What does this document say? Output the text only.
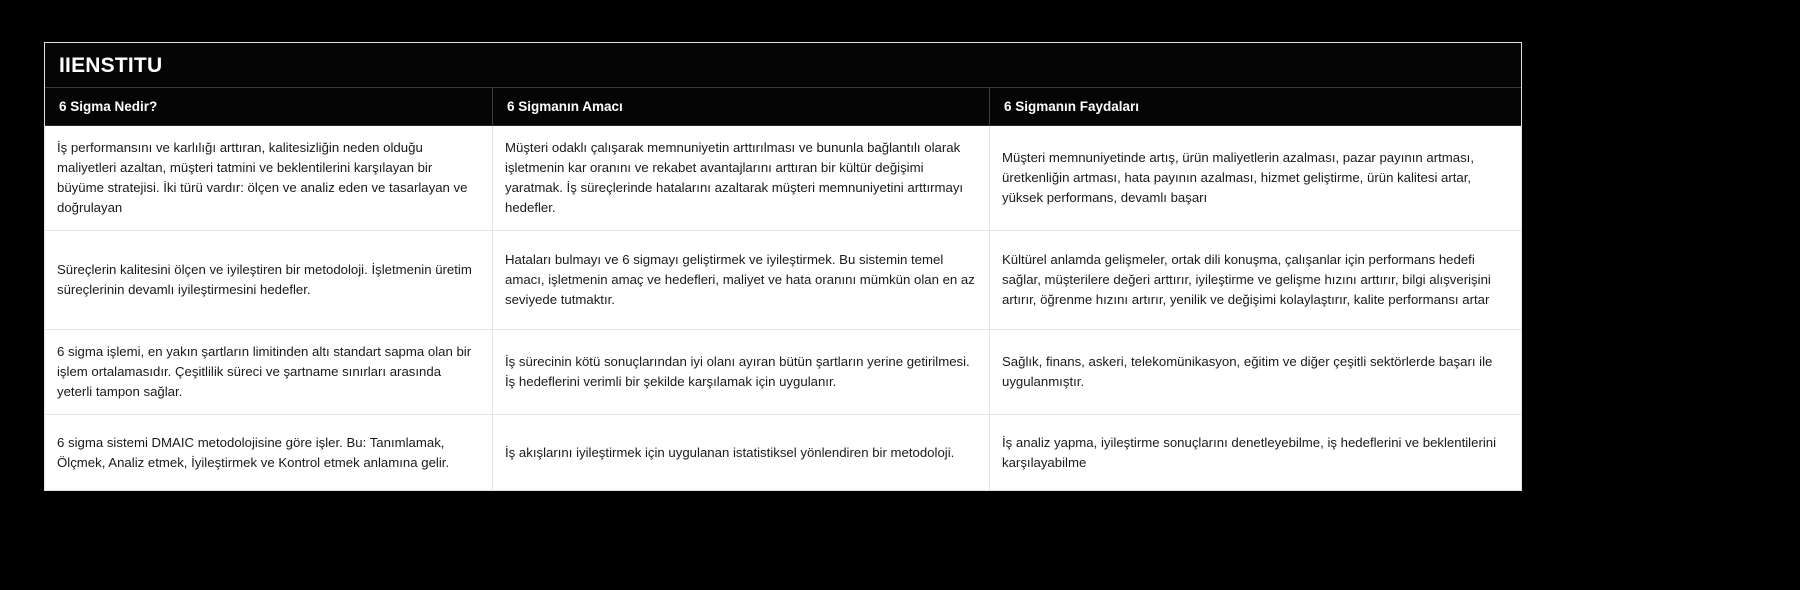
IIENSTITU
6 Sigma Nedir?	6 Sigmanın Amacı	6 Sigmanın Faydaları
İş performansını ve karlılığı arttıran, kalitesizliğin neden olduğu maliyetleri azaltan, müşteri tatmini ve beklentilerini karşılayan bir büyüme stratejisi. İki türü vardır: ölçen ve analiz eden ve tasarlayan ve doğrulayan
Müşteri odaklı çalışarak memnuniyetin arttırılması ve bununla bağlantılı olarak işletmenin kar oranını ve rekabet avantajlarını arttıran bir kültür değişimi yaratmak. İş süreçlerinde hatalarını azaltarak müşteri memnuniyetini arttırmayı hedefler.
Müşteri memnuniyetinde artış, ürün maliyetlerin azalması, pazar payının artması, üretkenliğin artması, hata payının azalması, hizmet geliştirme, ürün kalitesi artar, yüksek performans, devamlı başarı
Süreçlerin kalitesini ölçen ve iyileştiren bir metodoloji. İşletmenin üretim süreçlerinin devamlı iyileştirmesini hedefler.
Hataları bulmayı ve 6 sigmayı geliştirmek ve iyileştirmek. Bu sistemin temel amacı, işletmenin amaç ve hedefleri, maliyet ve hata oranını mümkün olan en az seviyede tutmaktır.
Kültürel anlamda gelişmeler, ortak dili konuşma, çalışanlar için performans hedefi sağlar, müşterilere değeri arttırır, iyileştirme ve gelişme hızını arttırır, bilgi alışverişini artırır, öğrenme hızını artırır, yenilik ve değişimi kolaylaştırır, kalite performansı artar
6 sigma işlemi, en yakın şartların limitinden altı standart sapma olan bir işlem ortalamasıdır. Çeşitlilik süreci ve şartname sınırları arasında yeterli tampon sağlar.
İş sürecinin kötü sonuçlarından iyi olanı ayıran bütün şartların yerine getirilmesi. İş hedeflerini verimli bir şekilde karşılamak için uygulanır.
Sağlık, finans, askeri, telekomünikasyon, eğitim ve diğer çeşitli sektörlerde başarı ile uygulanmıştır.
6 sigma sistemi DMAIC metodolojisine göre işler. Bu: Tanımlamak, Ölçmek, Analiz etmek, İyileştirmek ve Kontrol etmek anlamına gelir.
İş akışlarını iyileştirmek için uygulanan istatistiksel yönlendiren bir metodoloji.
İş analiz yapma, iyileştirme sonuçlarını denetleyebilme, iş hedeflerini ve beklentilerini karşılayabilme
